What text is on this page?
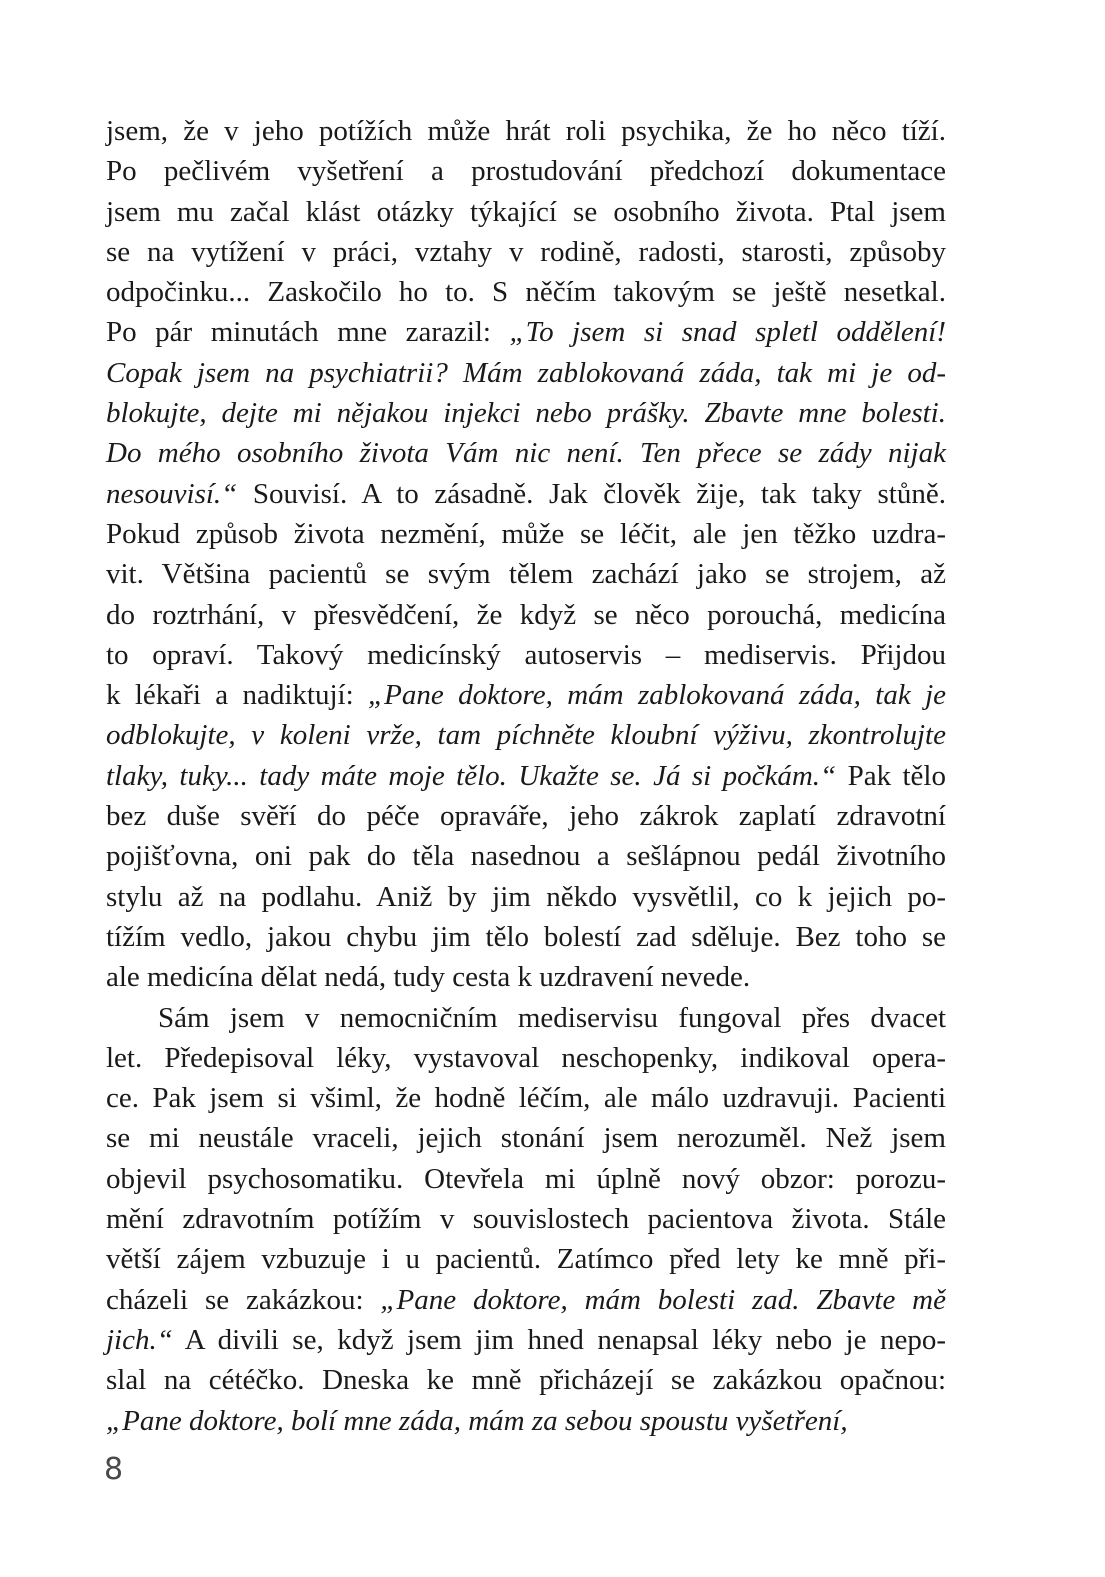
jsem, že v jeho potížích může hrát roli psychika, že ho něco tíží.
Po pečlivém vyšetření a prostudování předchozí dokumentace
jsem mu začal klást otázky týkající se osobního života. Ptal jsem
se na vytížení v práci, vztahy v rodině, radosti, starosti, způsoby
odpočinku... Zaskočilo ho to. S něčím takovým se ještě nesetkal.
Po pár minutách mne zarazil: „To jsem si snad spletl oddělení!
Copak jsem na psychiatrii? Mám zablokovaná záda, tak mi je od-
blokujte, dejte mi nějakou injekci nebo prášky. Zbavte mne bolesti.
Do mého osobního života Vám nic není. Ten přece se zády nijak
nesouvisí.“ Souvisí. A to zásadně. Jak člověk žije, tak taky stůně.
Pokud způsob života nezmění, může se léčit, ale jen těžko uzdra-
vit. Většina pacientů se svým tělem zachází jako se strojem, až
do roztrhání, v přesvědčení, že když se něco porouchá, medicína
to opraví. Takový medicínský autoservis – mediservis. Přijdou
k lékaři a nadiktují: „Pane doktore, mám zablokovaná záda, tak je
odblokujte, v koleni vrže, tam píchněte kloubní výživu, zkontrolujte
tlaky, tuky... tady máte moje tělo. Ukažte se. Já si počkám.“ Pak tělo
bez duše svěří do péče opraváře, jeho zákrok zaplatí zdravotní
pojišťovna, oni pak do těla nasednou a sešlápnou pedál životního
stylu až na podlahu. Aniž by jim někdo vysvětlil, co k jejich po-
tížím vedlo, jakou chybu jim tělo bolestí zad sděluje. Bez toho se
ale medicína dělat nedá, tudy cesta k uzdravení nevede.
Sám jsem v nemocničním mediservisu fungoval přes dvacet
let. Předepisoval léky, vystavoval neschopenky, indikoval opera-
ce. Pak jsem si všiml, že hodně léčím, ale málo uzdravuji. Pacienti
se mi neustále vraceli, jejich stonání jsem nerozuměl. Než jsem
objevil psychosomatiku. Otevřela mi úplně nový obzor: porozu-
mění zdravotním potížím v souvislostech pacientova života. Stále
větší zájem vzbuzuje i u pacientů. Zatímco před lety ke mně při-
cházeli se zakázkou: „Pane doktore, mám bolesti zad. Zbavte mě
jich.“ A divili se, když jsem jim hned nenapsal léky nebo je nepo-
slal na cétéčko. Dneska ke mně přicházejí se zakázkou opačnou:
„Pane doktore, bolí mne záda, mám za sebou spoustu vyšetření,
8
